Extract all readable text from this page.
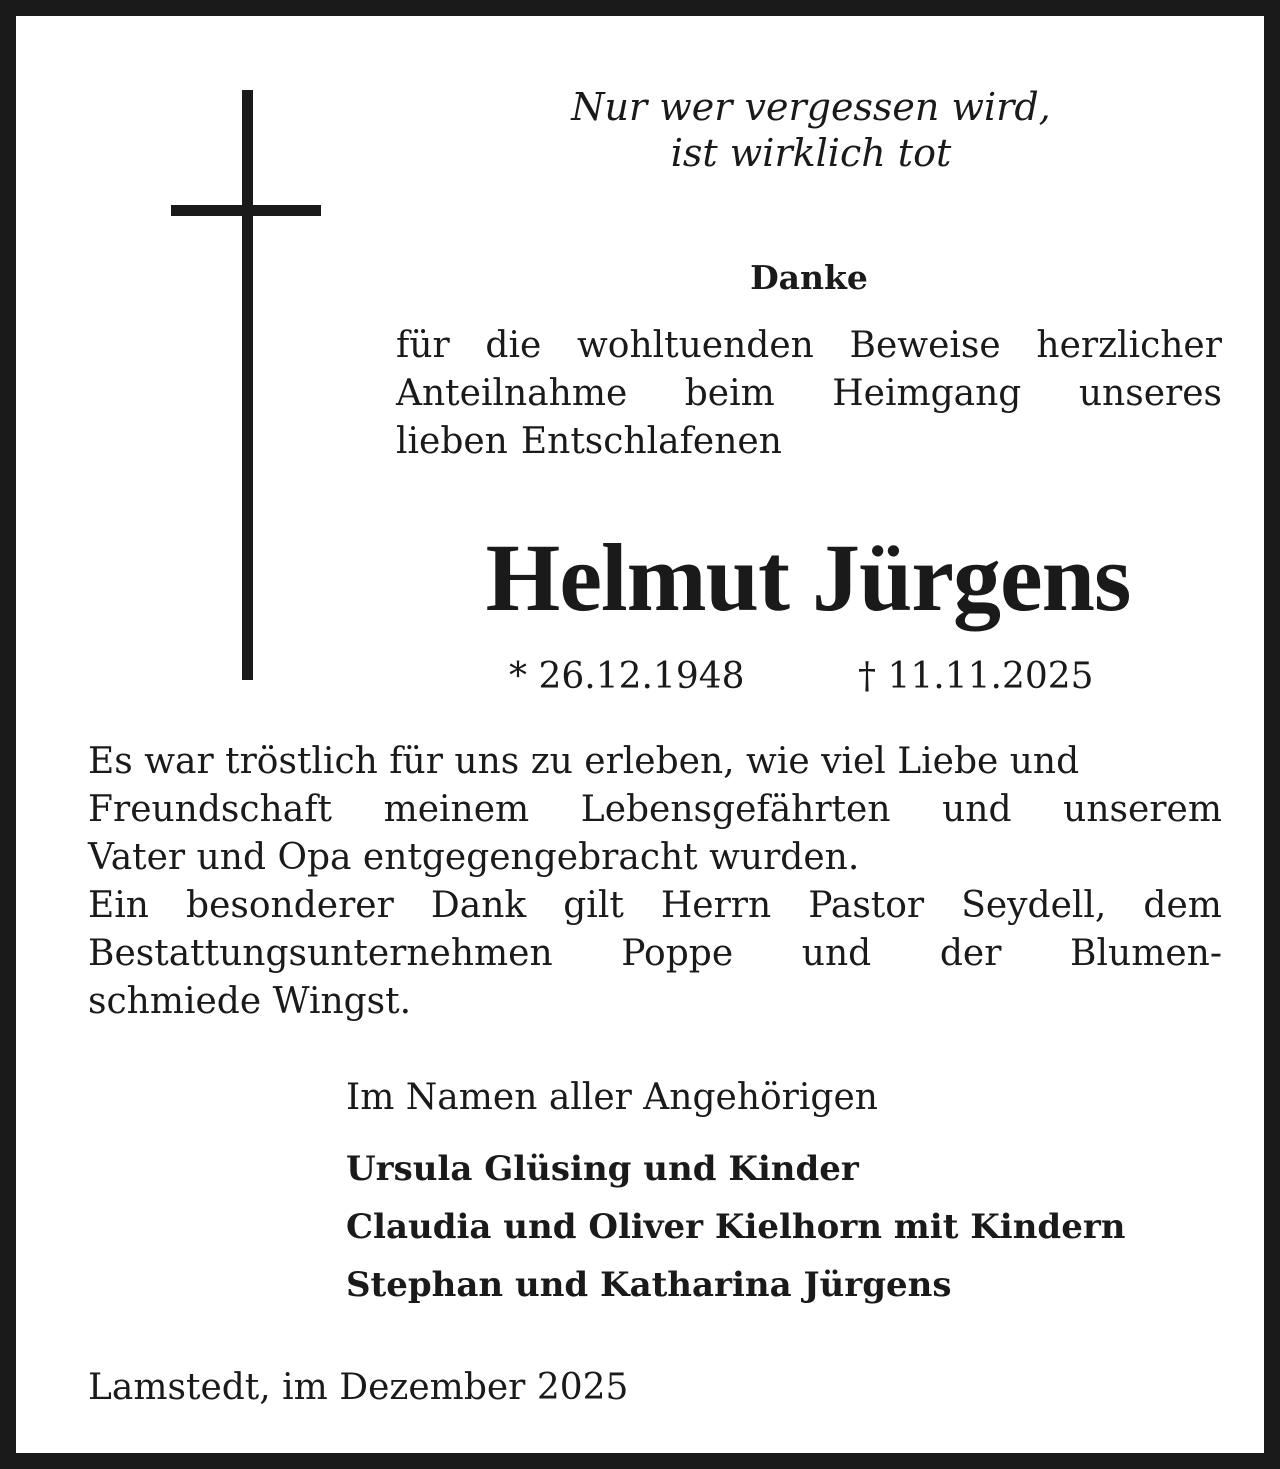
Nur wer vergessen wird,
ist wirklich tot

Danke

für die wohltuenden Beweise herzlicher
Anteilnahme beim Heimgang unseres
lieben Entschlafenen
Helmut Jürgens

* 26.12.1948	† 11.11.2025

Es war tröstlich für uns zu erleben, wie viel Liebe und
Freundschaft meinem Lebensgefährten und unserem
Vater und Opa entgegengebracht wurden.
Ein besonderer Dank gilt Herrn Pastor Seydell, dem
Bestattungsunternehmen Poppe und der Blumen-
schmiede Wingst.

Im Namen aller Angehörigen

Ursula Glüsing und Kinder
Claudia und Oliver Kielhorn mit Kindern
Stephan und Katharina Jürgens

Lamstedt, im Dezember 2025
